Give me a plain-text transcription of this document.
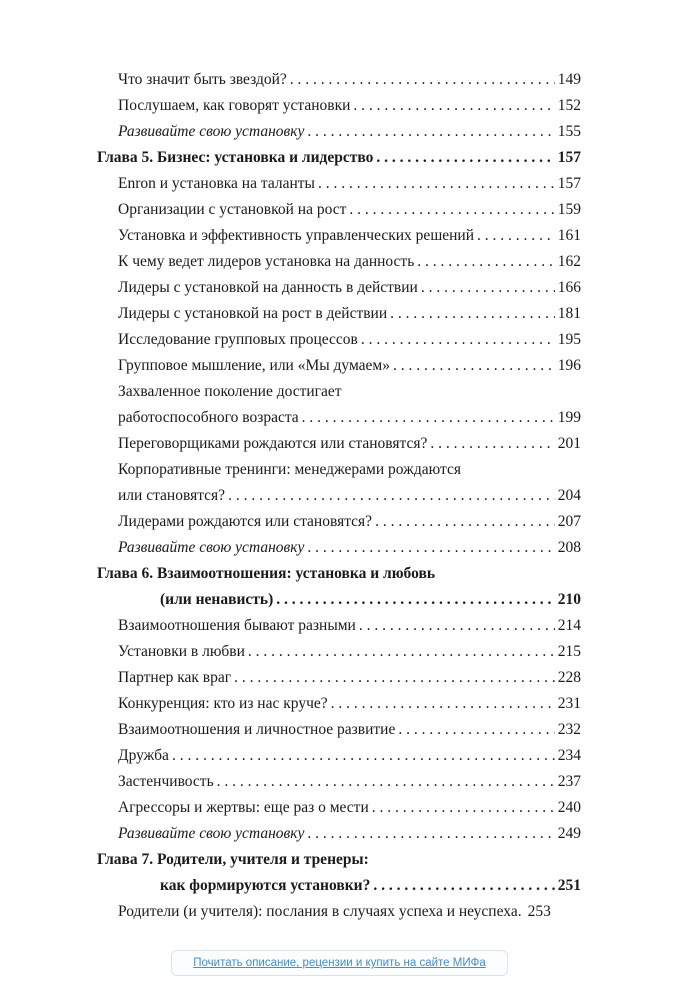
Что значит быть звездой? . . .	149
Послушаем, как говорят установки . . .	152
Развивайте свою установку . . .	155
Глава 5. Бизнес: установка и лидерство . . .	157
Enron и установка на таланты . . .	157
Организации с установкой на рост . . .	159
Установка и эффективность управленческих решений . . .	161
К чему ведет лидеров установка на данность . . .	162
Лидеры с установкой на данность в действии . . .	166
Лидеры с установкой на рост в действии . . .	181
Исследование групповых процессов . . .	195
Групповое мышление, или «Мы думаем» . . .	196
Захваленное поколение достигает
работоспособного возраста . . .	199
Переговорщиками рождаются или становятся? . . .	201
Корпоративные тренинги: менеджерами рождаются
или становятся? . . .	204
Лидерами рождаются или становятся? . . .	207
Развивайте свою установку . . .	208
Глава 6. Взаимоотношения: установка и любовь
(или ненависть) . . .	210
Взаимоотношения бывают разными . . .	214
Установки в любви . . .	215
Партнер как враг . . .	228
Конкуренция: кто из нас круче? . . .	231
Взаимоотношения и личностное развитие . . .	232
Дружба . . .	234
Застенчивость . . .	237
Агрессоры и жертвы: еще раз о мести . . .	240
Развивайте свою установку . . .	249
Глава 7. Родители, учителя и тренеры:
как формируются установки? . . .	251
Родители (и учителя): послания в случаях успеха и неуспеха. 253
Почитать описание, рецензии и купить на сайте МИФа
